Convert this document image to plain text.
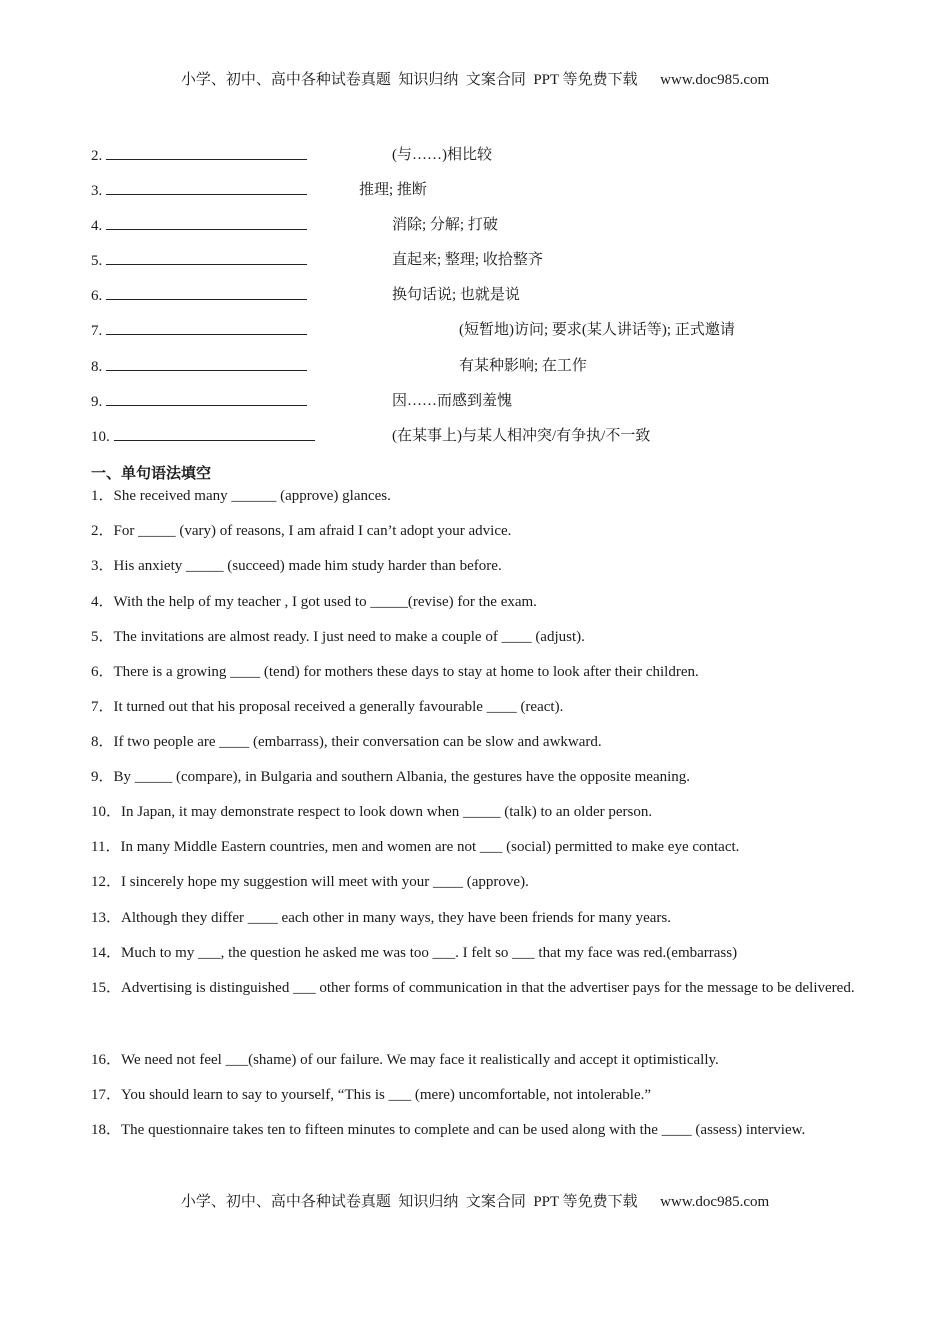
小学、初中、高中各种试卷真题  知识归纳  文案合同  PPT 等免费下载      www.doc985.com
2.	(与……)相比较
3.	推理; 推断
4.	消除; 分解; 打破
5.	直起来; 整理; 收拾整齐
6.	换句话说; 也就是说
7.	(短暂地)访问; 要求(某人讲话等); 正式邀请
8.	有某种影响; 在工作
9.	因……而感到羞愧
10.	(在某事上)与某人相冲突/有争执/不一致
一、单句语法填空
1．She received many ______ (approve) glances.
2．For _____ (vary) of reasons, I am afraid I can’t adopt your advice.
3．His anxiety _____ (succeed) made him study harder than before.
4．With the help of my teacher , I got used to _____(revise) for the exam.
5．The invitations are almost ready. I just need to make a couple of ____ (adjust).
6．There is a growing ____ (tend) for mothers these days to stay at home to look after their children.
7．It turned out that his proposal received a generally favourable ____ (react).
8．If two people are ____ (embarrass), their conversation can be slow and awkward.
9．By _____ (compare), in Bulgaria and southern Albania, the gestures have the opposite meaning.
10．In Japan, it may demonstrate respect to look down when _____ (talk) to an older person.
11．In many Middle Eastern countries, men and women are not ___ (social) permitted to make eye contact.
12．I sincerely hope my suggestion will meet with your ____ (approve).
13．Although they differ ____ each other in many ways, they have been friends for many years.
14．Much to my ___, the question he asked me was too ___. I felt so ___ that my face was red.(embarrass)
15．Advertising is distinguished ___ other forms of communication in that the advertiser pays for the message to be delivered.
16．We need not feel ___(shame) of our failure. We may face it realistically and accept it optimistically.
17．You should learn to say to yourself, “This is ___ (mere) uncomfortable, not intolerable.”
18．The questionnaire takes ten to fifteen minutes to complete and can be used along with the ____ (assess) interview.
小学、初中、高中各种试卷真题  知识归纳  文案合同  PPT 等免费下载      www.doc985.com
